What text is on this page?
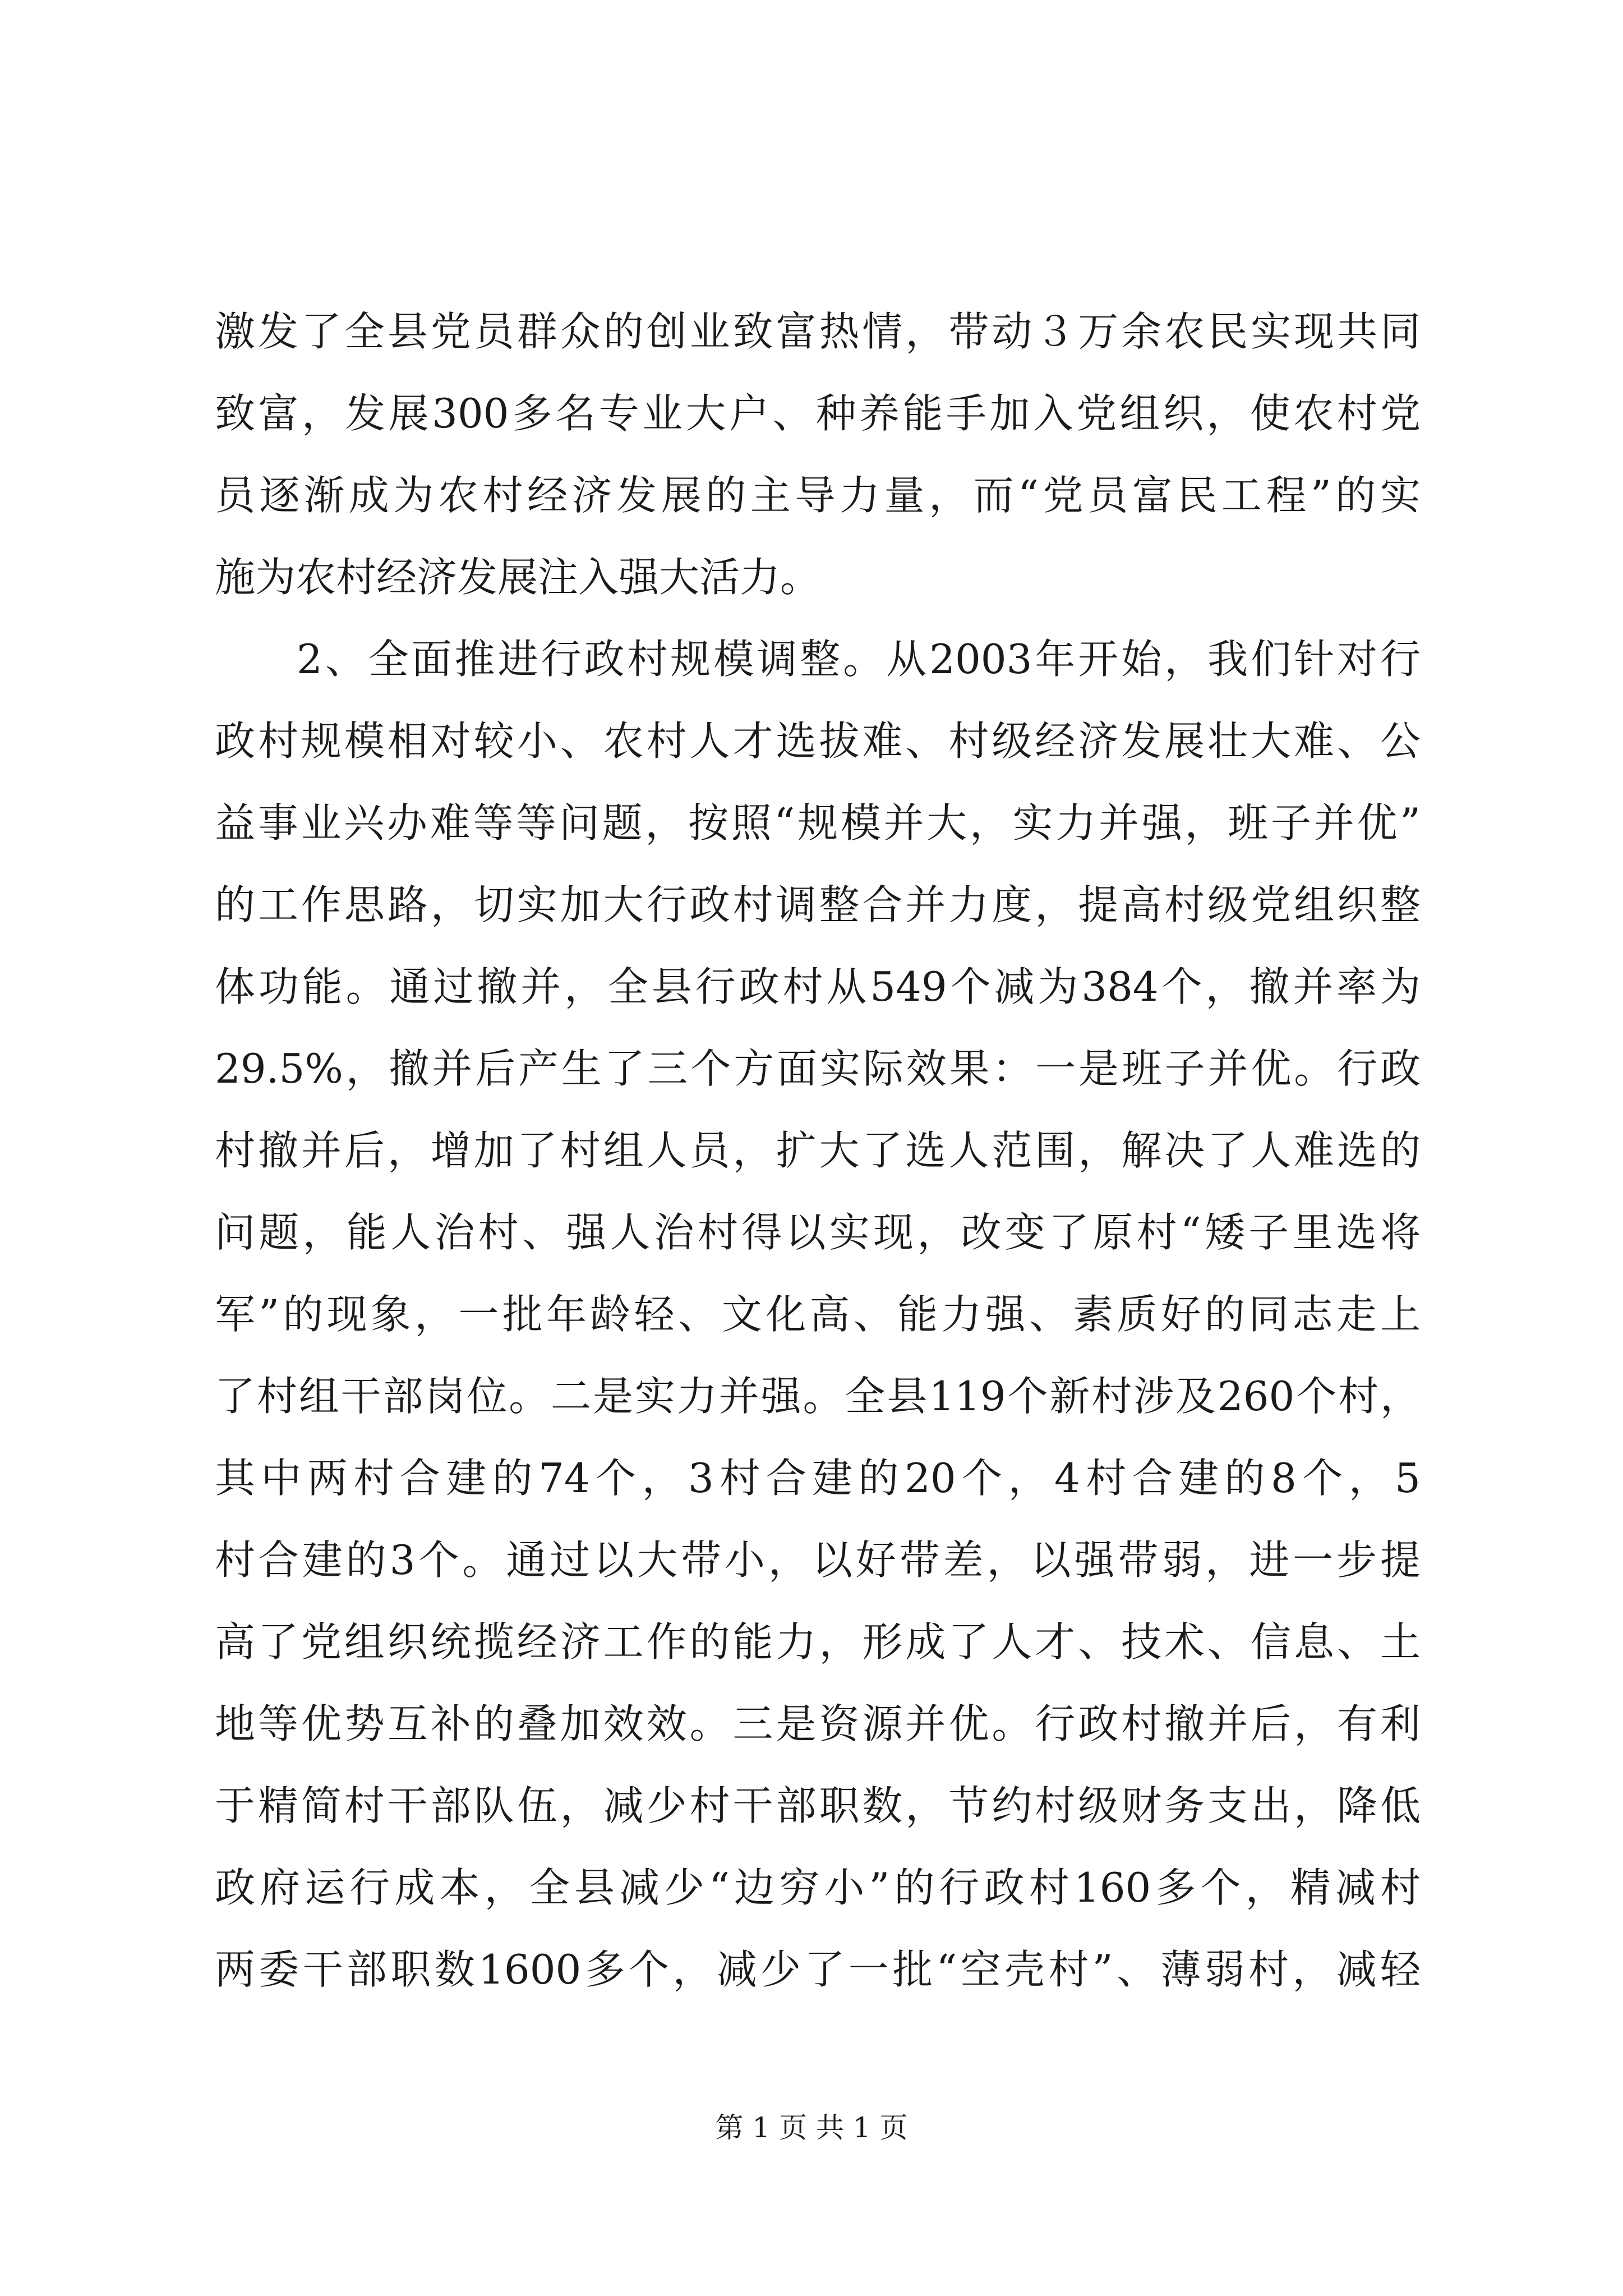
激发了全县党员群众的创业致富热情，带动３万余农民实现共同
致富，发展300多名专业大户、种养能手加入党组织，使农村党
员逐渐成为农村经济发展的主导力量，而“党员富民工程”的实
施为农村经济发展注入强大活力。
2、全面推进行政村规模调整。从2003年开始，我们针对行
政村规模相对较小、农村人才选拔难、村级经济发展壮大难、公
益事业兴办难等等问题，按照“规模并大，实力并强，班子并优”
的工作思路，切实加大行政村调整合并力度，提高村级党组织整
体功能。通过撤并，全县行政村从549个减为384个，撤并率为
29.5%，撤并后产生了三个方面实际效果：一是班子并优。行政
村撤并后，增加了村组人员，扩大了选人范围，解决了人难选的
问题，能人治村、强人治村得以实现，改变了原村“矮子里选将
军”的现象，一批年龄轻、文化高、能力强、素质好的同志走上
了村组干部岗位。二是实力并强。全县119个新村涉及260个村，
其中两村合建的74个，3村合建的20个，4村合建的8个，5
村合建的3个。通过以大带小，以好带差，以强带弱，进一步提
高了党组织统揽经济工作的能力，形成了人才、技术、信息、土
地等优势互补的叠加效效。三是资源并优。行政村撤并后，有利
于精简村干部队伍，减少村干部职数，节约村级财务支出，降低
政府运行成本，全县减少“边穷小”的行政村160多个，精减村
两委干部职数1600多个，减少了一批“空壳村”、薄弱村，减轻
第 1 页 共 1 页
